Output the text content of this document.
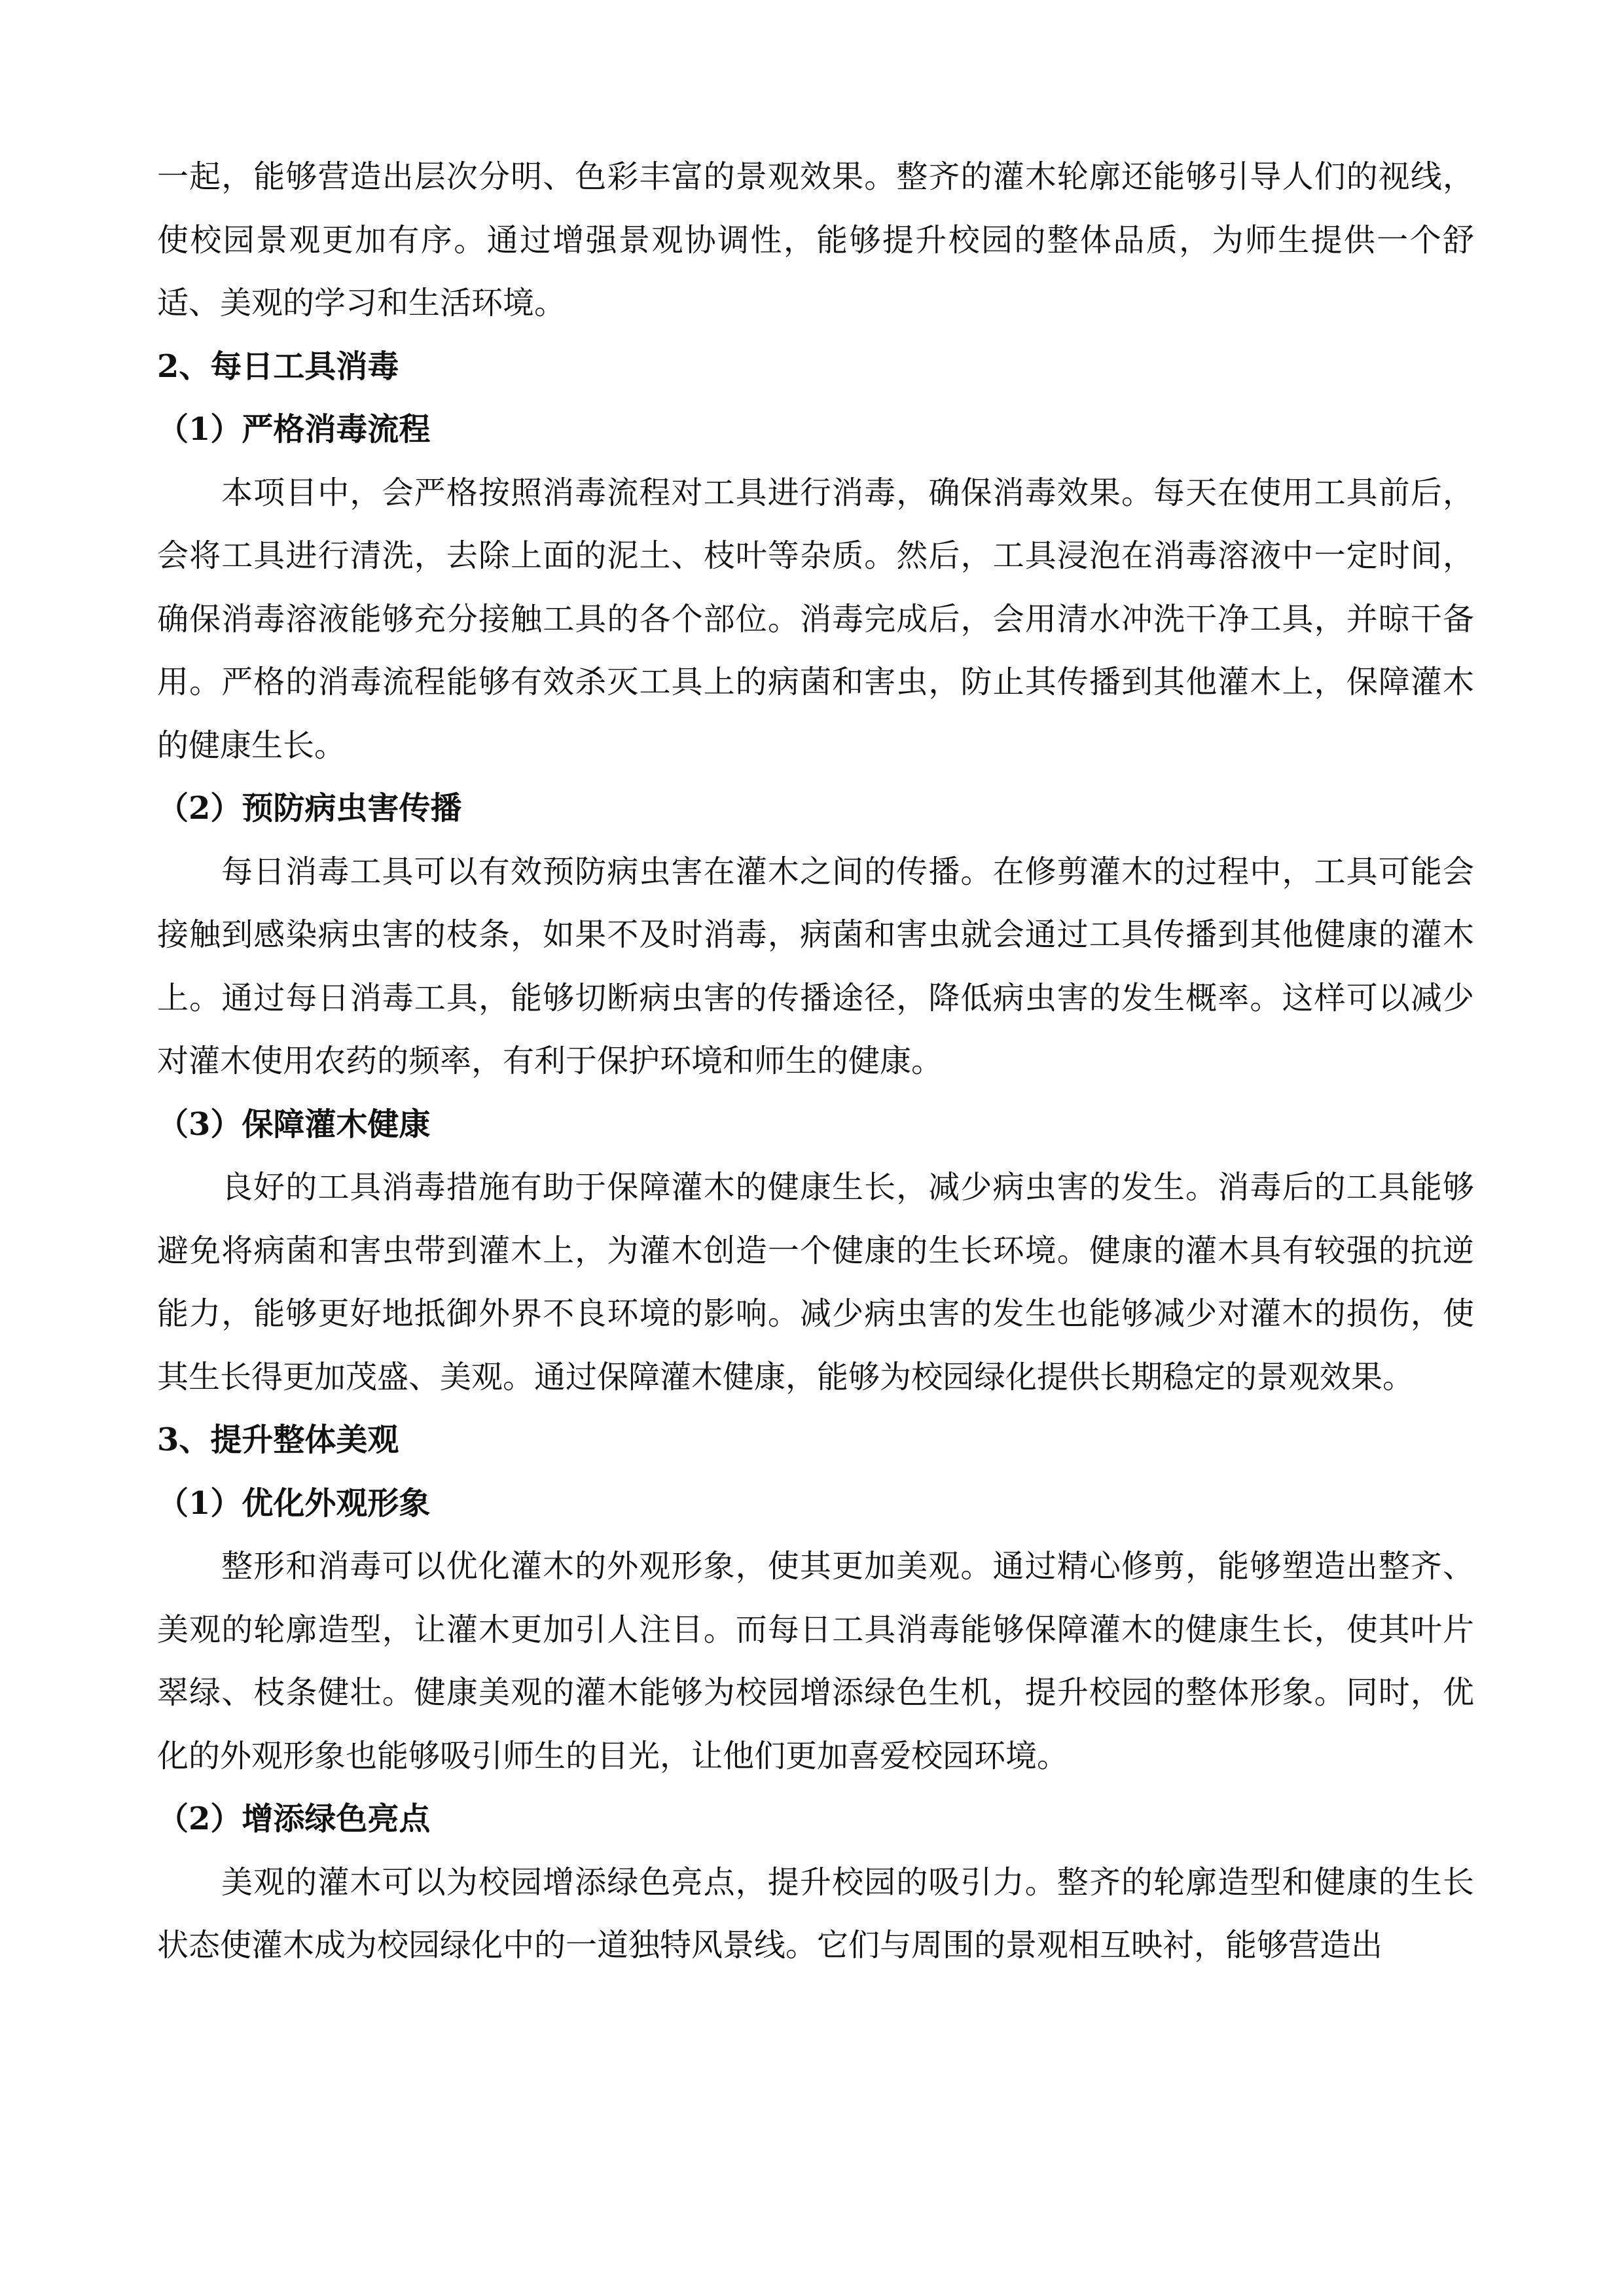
一起，能够营造出层次分明、色彩丰富的景观效果。整齐的灌木轮廓还能够引导人们的视线，使校园景观更加有序。通过增强景观协调性，能够提升校园的整体品质，为师生提供一个舒适、美观的学习和生活环境。

2、每日工具消毒
（1）严格消毒流程

本项目中，会严格按照消毒流程对工具进行消毒，确保消毒效果。每天在使用工具前后，会将工具进行清洗，去除上面的泥土、枝叶等杂质。然后，工具浸泡在消毒溶液中一定时间，确保消毒溶液能够充分接触工具的各个部位。消毒完成后，会用清水冲洗干净工具，并晾干备用。严格的消毒流程能够有效杀灭工具上的病菌和害虫，防止其传播到其他灌木上，保障灌木的健康生长。

（2）预防病虫害传播

每日消毒工具可以有效预防病虫害在灌木之间的传播。在修剪灌木的过程中，工具可能会接触到感染病虫害的枝条，如果不及时消毒，病菌和害虫就会通过工具传播到其他健康的灌木上。通过每日消毒工具，能够切断病虫害的传播途径，降低病虫害的发生概率。这样可以减少对灌木使用农药的频率，有利于保护环境和师生的健康。

（3）保障灌木健康

良好的工具消毒措施有助于保障灌木的健康生长，减少病虫害的发生。消毒后的工具能够避免将病菌和害虫带到灌木上，为灌木创造一个健康的生长环境。健康的灌木具有较强的抗逆能力，能够更好地抵御外界不良环境的影响。减少病虫害的发生也能够减少对灌木的损伤，使其生长得更加茂盛、美观。通过保障灌木健康，能够为校园绿化提供长期稳定的景观效果。

3、提升整体美观
（1）优化外观形象

整形和消毒可以优化灌木的外观形象，使其更加美观。通过精心修剪，能够塑造出整齐、美观的轮廓造型，让灌木更加引人注目。而每日工具消毒能够保障灌木的健康生长，使其叶片翠绿、枝条健壮。健康美观的灌木能够为校园增添绿色生机，提升校园的整体形象。同时，优化的外观形象也能够吸引师生的目光，让他们更加喜爱校园环境。

（2）增添绿色亮点

美观的灌木可以为校园增添绿色亮点，提升校园的吸引力。整齐的轮廓造型和健康的生长状态使灌木成为校园绿化中的一道独特风景线。它们与周围的景观相互映衬，能够营造出
